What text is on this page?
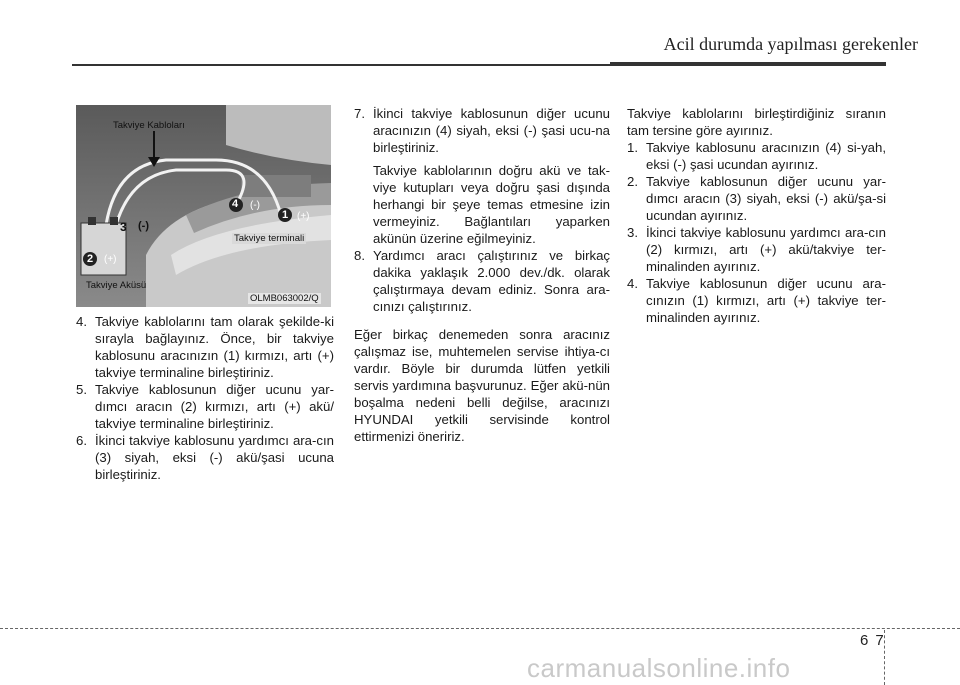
Acil durumda yapılması gerekenler
Takviye Kabloları
3 (-)
4 (-)
1 (+)
2 (+)
Takviye terminali
Takviye Aküsü
OLMB063002/Q
4. Takviye kablolarını tam olarak şekilde-ki sırayla bağlayınız. Önce, bir takviye kablosunu aracınızın (1) kırmızı, artı (+) takviye terminaline birleştiriniz.
5. Takviye kablosunun diğer ucunu yar-dımcı aracın (2) kırmızı, artı (+) akü/ takviye terminaline birleştiriniz.
6. İkinci takviye kablosunu yardımcı ara-cın (3) siyah, eksi (-) akü/şasi ucuna birleştiriniz.
7. İkinci takviye kablosunun diğer ucunu aracınızın (4) siyah, eksi (-) şasi ucu-na birleştiriniz.
Takviye kablolarının doğru akü ve tak-viye kutupları veya doğru şasi dışında herhangi bir şeye temas etmesine izin vermeyiniz. Bağlantıları yaparken akünün üzerine eğilmeyiniz.
8. Yardımcı aracı çalıştırınız ve birkaç dakika yaklaşık 2.000 dev./dk. olarak çalıştırmaya devam ediniz. Sonra ara-cınızı çalıştırınız.
Eğer birkaç denemeden sonra aracınız çalışmaz ise, muhtemelen servise ihtiya-cı vardır. Böyle bir durumda lütfen yetkili servis yardımına başvurunuz. Eğer akü-nün boşalma nedeni belli değilse, aracınızı HYUNDAI yetkili servisinde kontrol ettirmenizi öneririz.
Takviye kablolarını birleştirdiğiniz sıranın tam tersine göre ayırınız.
1. Takviye kablosunu aracınızın (4) si-yah, eksi (-) şasi ucundan ayırınız.
2. Takviye kablosunun diğer ucunu yar-dımcı aracın (3) siyah, eksi (-) akü/şa-si ucundan ayırınız.
3. İkinci takviye kablosunu yardımcı ara-cın (2) kırmızı, artı (+) akü/takviye ter-minalinden ayırınız.
4. Takviye kablosunun diğer ucunu ara-cınızın (1) kırmızı, artı (+) takviye ter-minalinden ayırınız.
67
carmanualsonline.info
